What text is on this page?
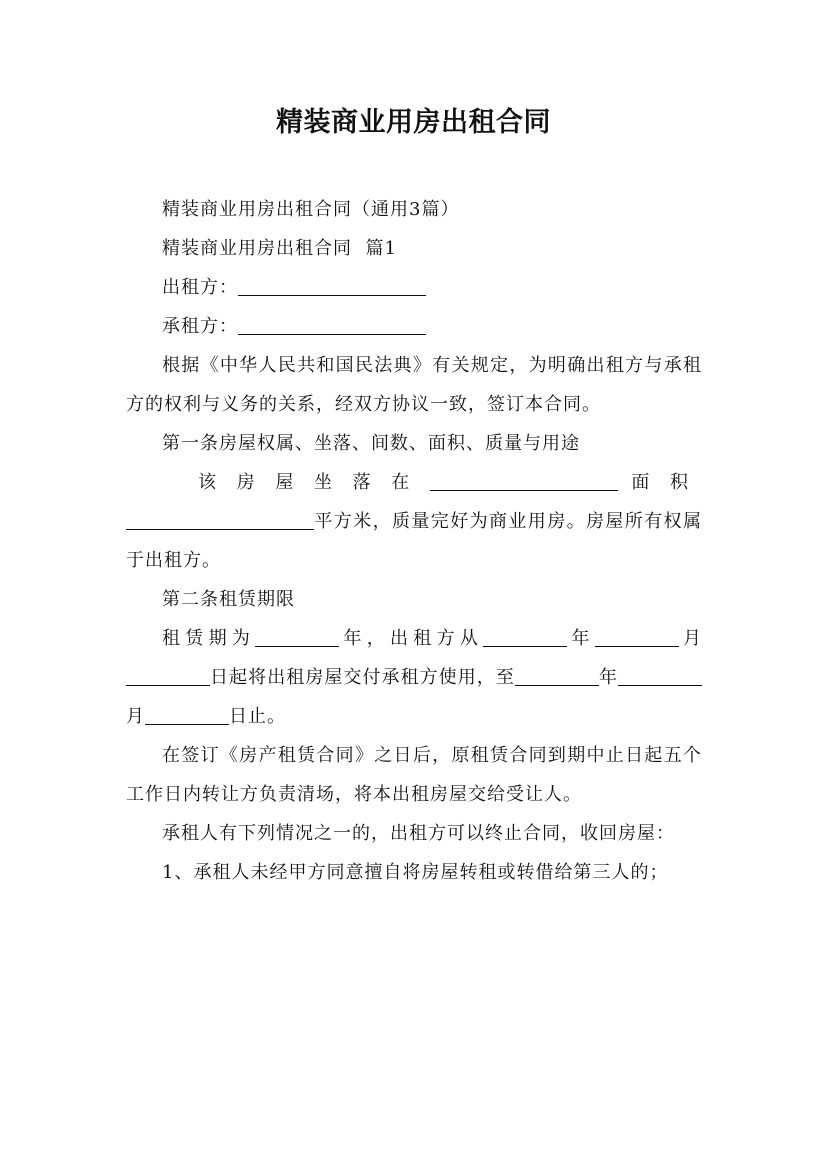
精装商业用房出租合同

精装商业用房出租合同（通用3篇）

精装商业用房出租合同  篇1

出租方：

承租方：

根据《中华人民共和国民法典》有关规定，为明确出租方与承租方的权利与义务的关系，经双方协议一致，签订本合同。

第一条房屋权属、坐落、间数、面积、质量与用途

该房屋坐落在	面积

平方米，质量完好为商业用房。房屋所有权属于出租方。

第二条租赁期限

租赁期为	年，出租方从	年	月日起将出租房屋交付承租方使用，至	年月	日止。

在签订《房产租赁合同》之日后，原租赁合同到期中止日起五个工作日内转让方负责清场，将本出租房屋交给受让人。

承租人有下列情况之一的，出租方可以终止合同，收回房屋：

1、承租人未经甲方同意擅自将房屋转租或转借给第三人的；
